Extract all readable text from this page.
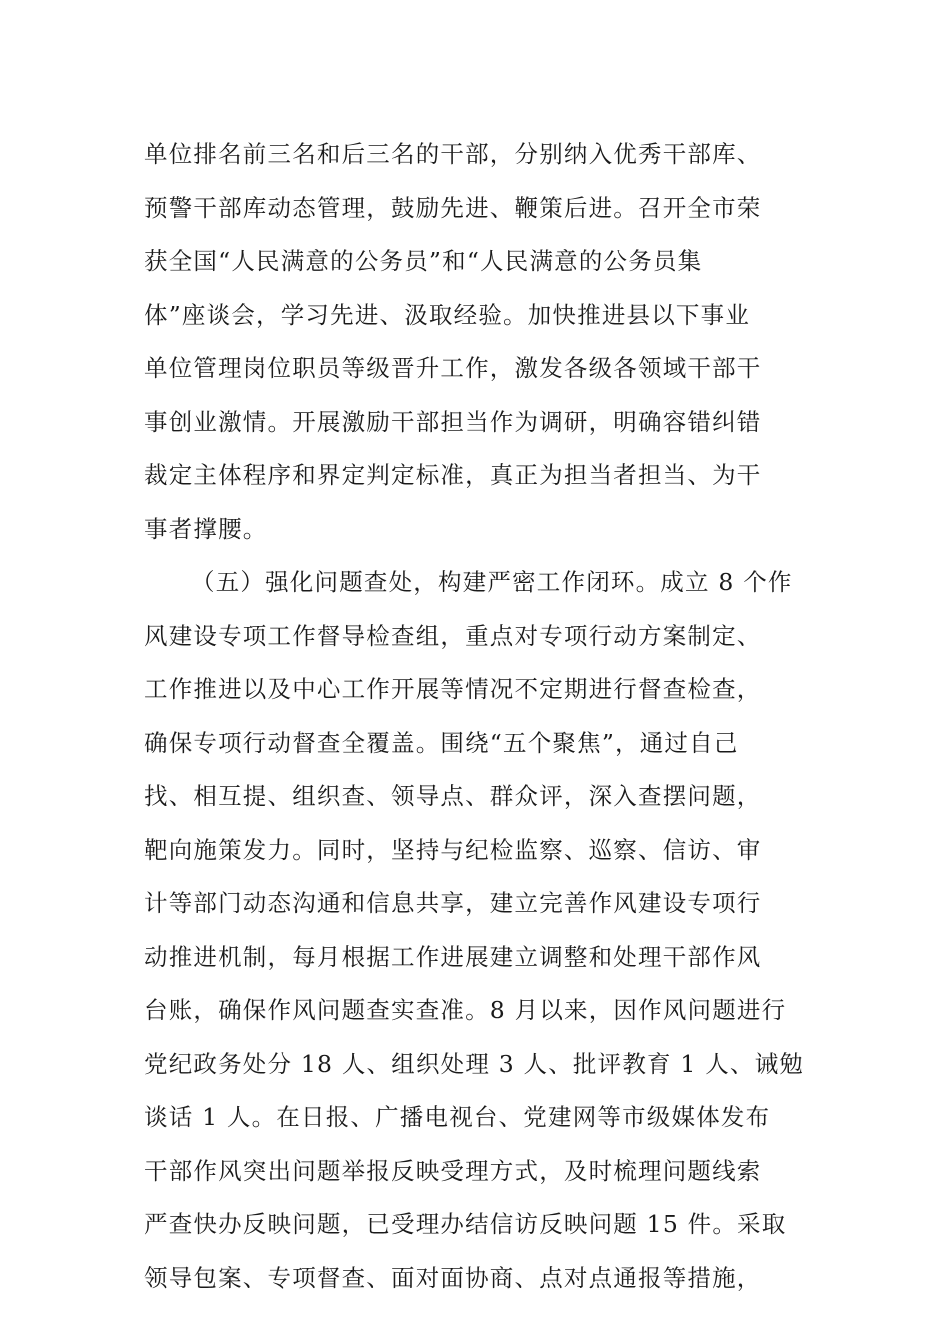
单位排名前三名和后三名的干部，分别纳入优秀干部库、
预警干部库动态管理，鼓励先进、鞭策后进。召开全市荣
获全国“人民满意的公务员”和“人民满意的公务员集
体”座谈会，学习先进、汲取经验。加快推进县以下事业
单位管理岗位职员等级晋升工作，激发各级各领域干部干
事创业激情。开展激励干部担当作为调研，明确容错纠错
裁定主体程序和界定判定标准，真正为担当者担当、为干
事者撑腰。
（五）强化问题查处，构建严密工作闭环。成立 8 个作
风建设专项工作督导检查组，重点对专项行动方案制定、
工作推进以及中心工作开展等情况不定期进行督查检查，
确保专项行动督查全覆盖。围绕“五个聚焦”，通过自己
找、相互提、组织查、领导点、群众评，深入查摆问题，
靶向施策发力。同时，坚持与纪检监察、巡察、信访、审
计等部门动态沟通和信息共享，建立完善作风建设专项行
动推进机制，每月根据工作进展建立调整和处理干部作风
台账，确保作风问题查实查准。8 月以来，因作风问题进行
党纪政务处分 18 人、组织处理 3 人、批评教育 1 人、诫勉
谈话 1 人。在日报、广播电视台、党建网等市级媒体发布
干部作风突出问题举报反映受理方式，及时梳理问题线索
严查快办反映问题，已受理办结信访反映问题 15 件。采取
领导包案、专项督查、面对面协商、点对点通报等措施，
